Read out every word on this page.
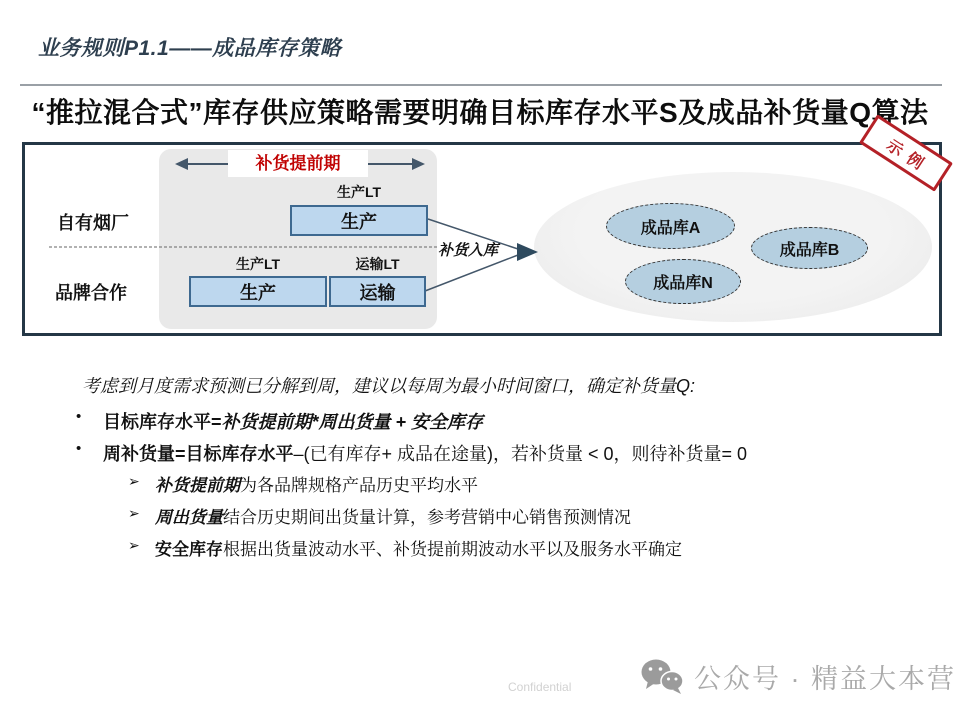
业务规则P1.1——成品库存策略
“推拉混合式”库存供应策略需要明确目标库存水平S及成品补货量Q算法
补货提前期
自有烟厂
品牌合作
生产LT
生产
生产LT	运输LT
生产	运输
补货入库
成品库A
成品库B
成品库N
示例
考虑到月度需求预测已分解到周，建议以每周为最小时间窗口，确定补货量Q:
• 目标库存水平=补货提前期*周出货量 + 安全库存
• 周补货量=目标库存水平–(已有库存+ 成品在途量)，若补货量 < 0，则待补货量= 0
➢ 补货提前期为各品牌规格产品历史平均水平
➢ 周出货量结合历史期间出货量计算，参考营销中心销售预测情况
➢ 安全库存根据出货量波动水平、补货提前期波动水平以及服务水平确定
Confidential	公众号 · 精益大本营
